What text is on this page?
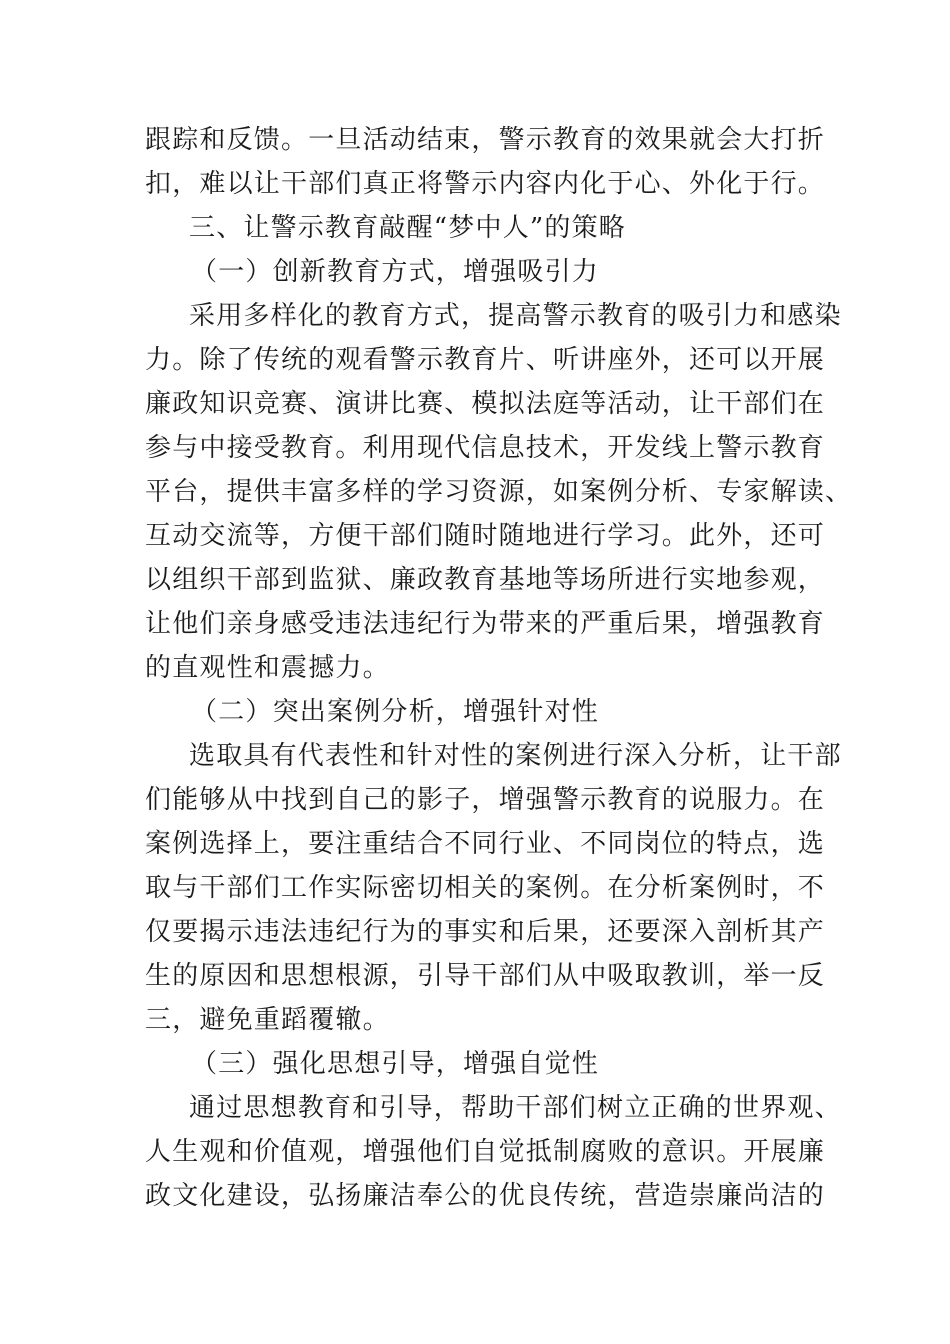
跟踪和反馈。一旦活动结束，警示教育的效果就会大打折
扣，难以让干部们真正将警示内容内化于心、外化于行。
三、让警示教育敲醒“梦中人”的策略
（一）创新教育方式，增强吸引力
采用多样化的教育方式，提高警示教育的吸引力和感染
力。除了传统的观看警示教育片、听讲座外，还可以开展
廉政知识竞赛、演讲比赛、模拟法庭等活动，让干部们在
参与中接受教育。利用现代信息技术，开发线上警示教育
平台，提供丰富多样的学习资源，如案例分析、专家解读、
互动交流等，方便干部们随时随地进行学习。此外，还可
以组织干部到监狱、廉政教育基地等场所进行实地参观，
让他们亲身感受违法违纪行为带来的严重后果，增强教育
的直观性和震撼力。
（二）突出案例分析，增强针对性
选取具有代表性和针对性的案例进行深入分析，让干部
们能够从中找到自己的影子，增强警示教育的说服力。在
案例选择上，要注重结合不同行业、不同岗位的特点，选
取与干部们工作实际密切相关的案例。在分析案例时，不
仅要揭示违法违纪行为的事实和后果，还要深入剖析其产
生的原因和思想根源，引导干部们从中吸取教训，举一反
三，避免重蹈覆辙。
（三）强化思想引导，增强自觉性
通过思想教育和引导，帮助干部们树立正确的世界观、
人生观和价值观，增强他们自觉抵制腐败的意识。开展廉
政文化建设，弘扬廉洁奉公的优良传统，营造崇廉尚洁的
